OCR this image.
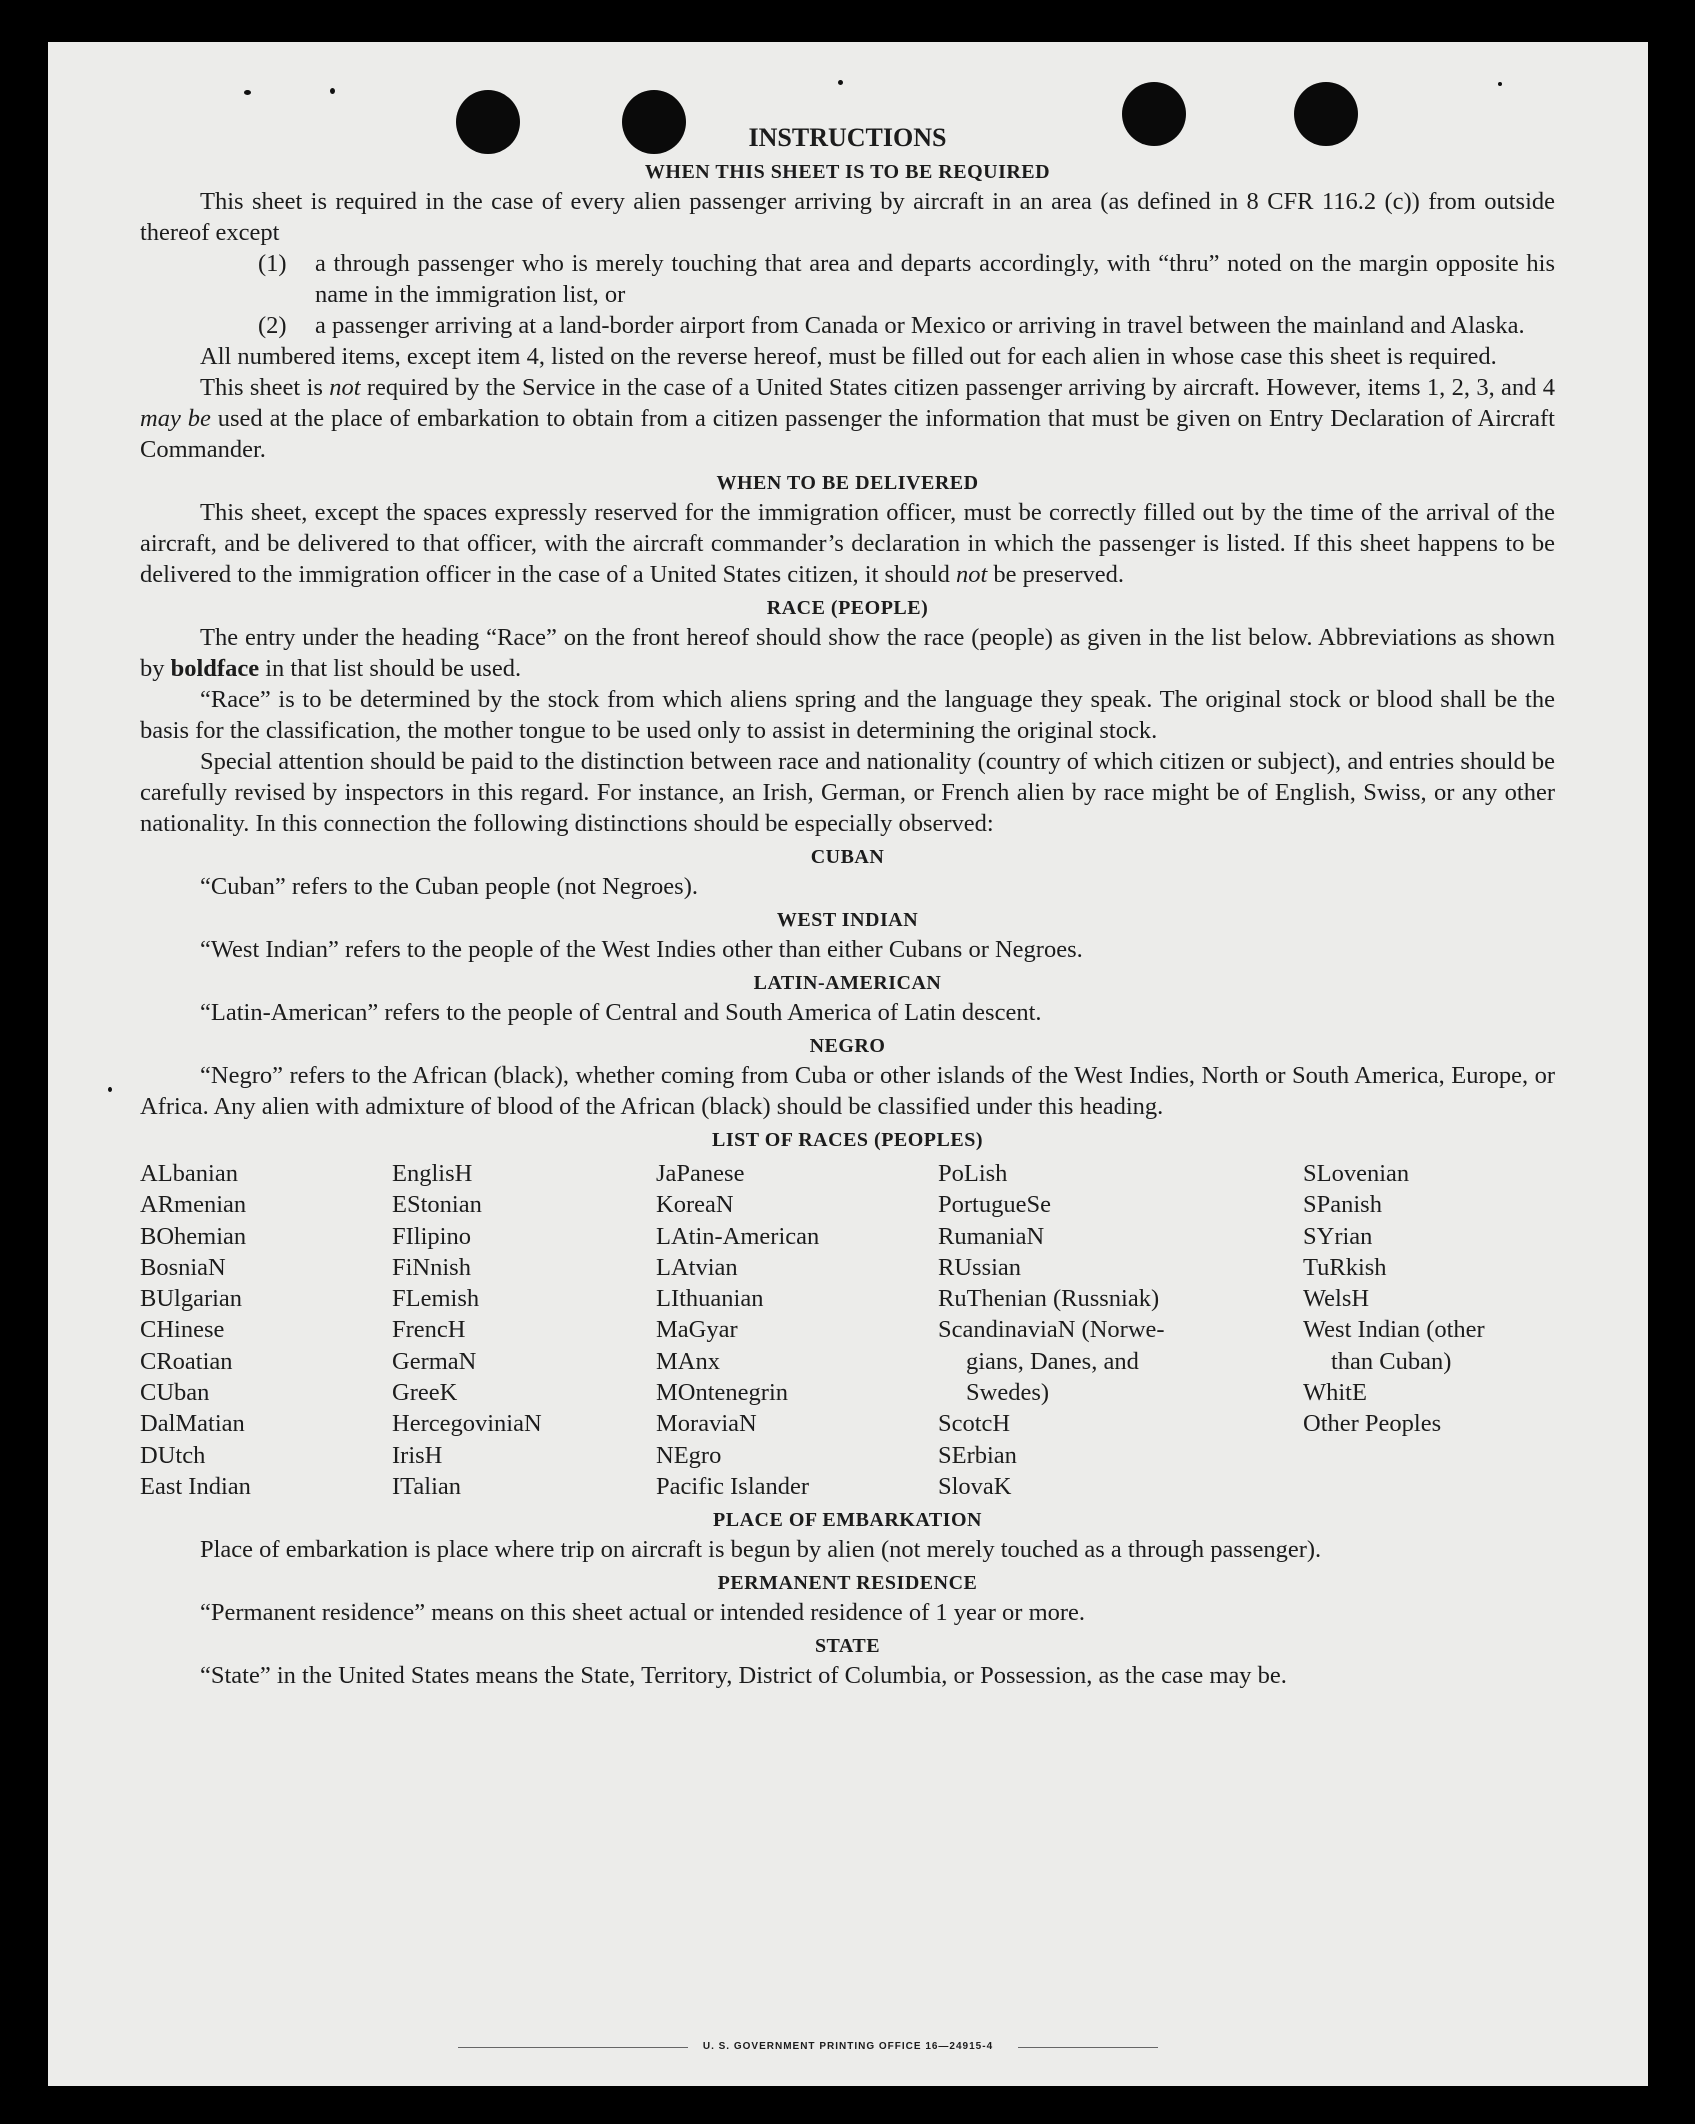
U. S. GOVERNMENT PRINTING OFFICE 16—24915-4
INSTRUCTIONS
WHEN THIS SHEET IS TO BE REQUIRED

This sheet is required in the case of every alien passenger arriving by aircraft in an area (as defined in 8 CFR 116.2 (c)) from outside thereof except

(1)	a through passenger who is merely touching that area and departs accordingly, with “thru” noted on the margin opposite his name in the immigration list, or
(2)	a passenger arriving at a land-border airport from Canada or Mexico or arriving in travel between the mainland and Alaska.

All numbered items, except item 4, listed on the reverse hereof, must be filled out for each alien in whose case this sheet is required.

This sheet is not required by the Service in the case of a United States citizen passenger arriving by aircraft. However, items 1, 2, 3, and 4 may be used at the place of embarkation to obtain from a citizen passenger the information that must be given on Entry Declaration of Aircraft Commander.

WHEN TO BE DELIVERED

This sheet, except the spaces expressly reserved for the immigration officer, must be correctly filled out by the time of the arrival of the aircraft, and be delivered to that officer, with the aircraft commander’s declaration in which the passenger is listed. If this sheet happens to be delivered to the immigration officer in the case of a United States citizen, it should not be preserved.

RACE (PEOPLE)

The entry under the heading “Race” on the front hereof should show the race (people) as given in the list below. Abbreviations as shown by boldface in that list should be used.

“Race” is to be determined by the stock from which aliens spring and the language they speak. The original stock or blood shall be the basis for the classification, the mother tongue to be used only to assist in determining the original stock.

Special attention should be paid to the distinction between race and nationality (country of which citizen or subject), and entries should be carefully revised by inspectors in this regard. For instance, an Irish, German, or French alien by race might be of English, Swiss, or any other nationality. In this connection the following distinctions should be especially observed:

CUBAN

“Cuban” refers to the Cuban people (not Negroes).

WEST INDIAN

“West Indian” refers to the people of the West Indies other than either Cubans or Negroes.

LATIN-AMERICAN

“Latin-American” refers to the people of Central and South America of Latin descent.

NEGRO

“Negro” refers to the African (black), whether coming from Cuba or other islands of the West Indies, North or South America, Europe, or Africa. Any alien with admixture of blood of the African (black) should be classified under this heading.

LIST OF RACES (PEOPLES)
ALbanian
ARmenian
BOhemian
BosniaN
BUlgarian
CHinese
CRoatian
CUban
DalMatian
DUtch
East Indian
EnglisH
EStonian
FIlipino
FiNnish
FLemish
FrencH
GermaN
GreeK
HercegoviniaN
IrisH
ITalian
JaPanese
KoreaN
LAtin-American
LAtvian
LIthuanian
MaGyar
MAnx
MOntenegrin
MoraviaN
NEgro
Pacific Islander
PoLish
PortugueSe
RumaniaN
RUssian
RuThenian (Russniak)
ScandinaviaN (Norwe-
gians, Danes, and
Swedes)
ScotcH
SErbian
SlovaK
SLovenian
SPanish
SYrian
TuRkish
WelsH
West Indian (other
than Cuban)
WhitE
Other Peoples
PLACE OF EMBARKATION

Place of embarkation is place where trip on aircraft is begun by alien (not merely touched as a through passenger).

PERMANENT RESIDENCE

“Permanent residence” means on this sheet actual or intended residence of 1 year or more.

STATE

“State” in the United States means the State, Territory, District of Columbia, or Possession, as the case may be.
